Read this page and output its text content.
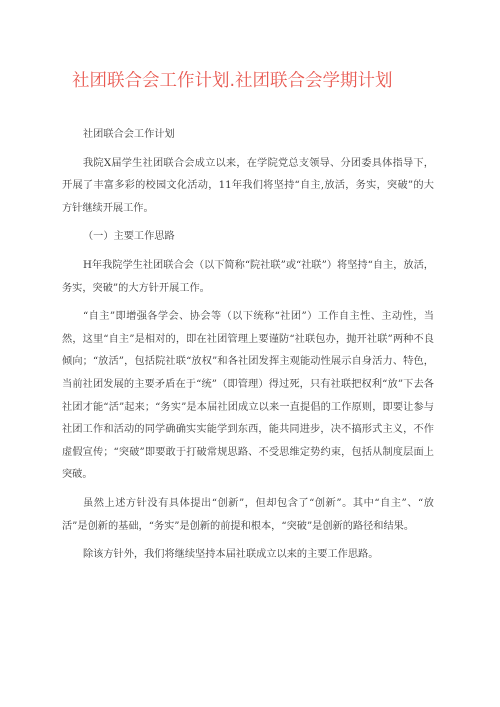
社团联合会工作计划.社团联合会学期计划

社团联合会工作计划

我院X届学生社团联合会成立以来，在学院党总支领导、分团委具体指导下，开展了丰富多彩的校园文化活动，11年我们将坚持“自主,放活，务实，突破”的大方针继续开展工作。

（一）主要工作思路

H年我院学生社团联合会（以下简称“院社联”或“社联”）将坚持“自主，放活，务实，突破”的大方针开展工作。

“自主”即增强各学会、协会等（以下统称“社团”）工作自主性、主动性，当然，这里“自主”是相对的，即在社团管理上要谨防“社联包办，抛开社联”两种不良倾向；“放活”，包括院社联“放权”和各社团发挥主观能动性展示自身活力、特色，当前社团发展的主要矛盾在于“统”（即管理）得过死，只有社联把权利“放”下去各社团才能“活”起来；“务实”是本届社团成立以来一直提倡的工作原则，即要让参与社团工作和活动的同学确确实实能学到东西，能共同进步，决不搞形式主义，不作虚假宣传；“突破”即要敢于打破常规思路、不受思维定势约束，包括从制度层面上突破。

虽然上述方针没有具体提出“创新”，但却包含了“创新”。其中“自主”、“放活”是创新的基础，“务实”是创新的前提和根本，“突破”是创新的路径和结果。

除该方针外，我们将继续坚持本届社联成立以来的主要工作思路。
